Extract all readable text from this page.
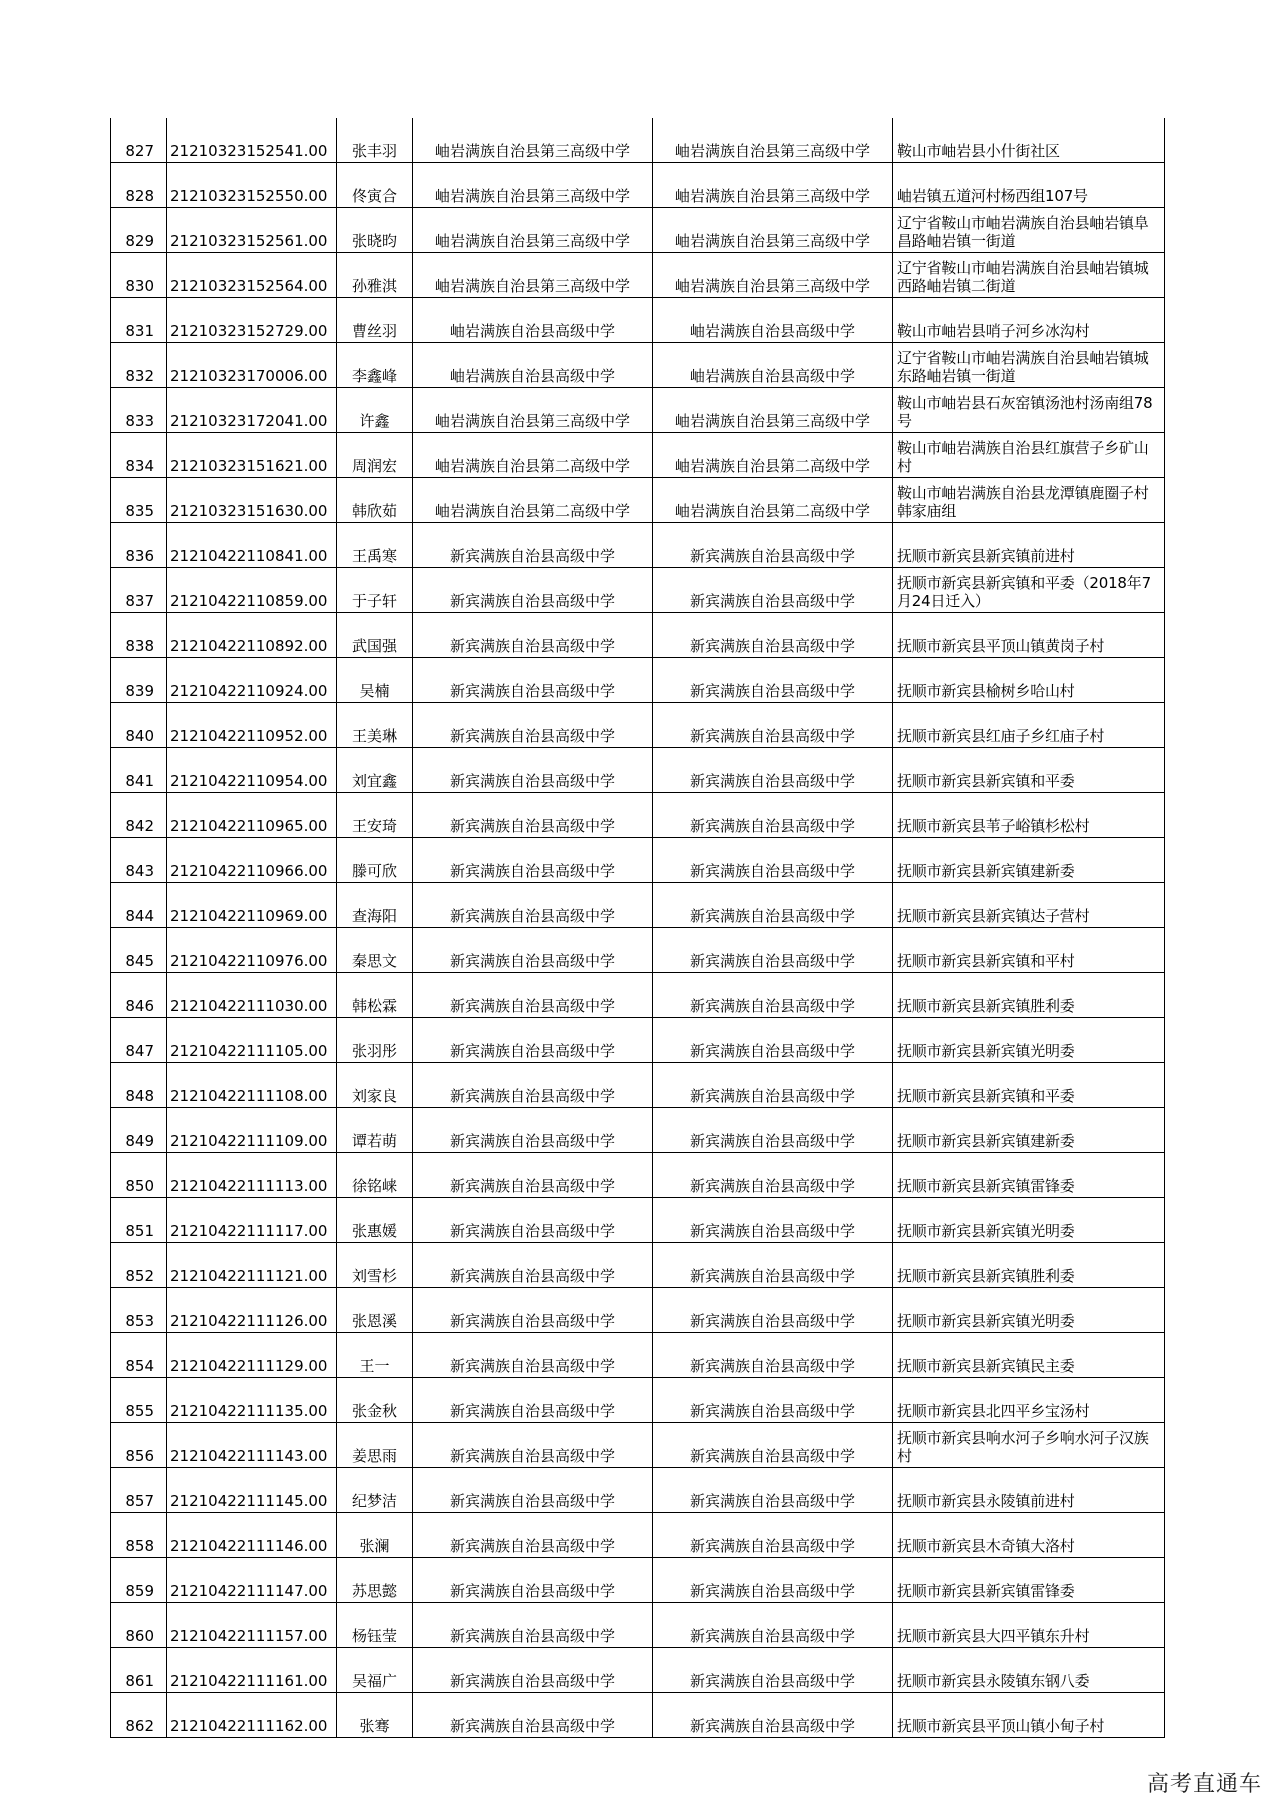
827	21210323152541.00	张丰羽	岫岩满族自治县第三高级中学	岫岩满族自治县第三高级中学	鞍山市岫岩县小什街社区
828	21210323152550.00	佟寅合	岫岩满族自治县第三高级中学	岫岩满族自治县第三高级中学	岫岩镇五道河村杨西组107号
829	21210323152561.00	张晓昀	岫岩满族自治县第三高级中学	岫岩满族自治县第三高级中学	辽宁省鞍山市岫岩满族自治县岫岩镇阜昌路岫岩镇一街道
830	21210323152564.00	孙雅淇	岫岩满族自治县第三高级中学	岫岩满族自治县第三高级中学	辽宁省鞍山市岫岩满族自治县岫岩镇城西路岫岩镇二街道
831	21210323152729.00	曹丝羽	岫岩满族自治县高级中学	岫岩满族自治县高级中学	鞍山市岫岩县哨子河乡冰沟村
832	21210323170006.00	李鑫峰	岫岩满族自治县高级中学	岫岩满族自治县高级中学	辽宁省鞍山市岫岩满族自治县岫岩镇城东路岫岩镇一街道
833	21210323172041.00	许鑫	岫岩满族自治县第三高级中学	岫岩满族自治县第三高级中学	鞍山市岫岩县石灰窑镇汤池村汤南组78号
834	21210323151621.00	周润宏	岫岩满族自治县第二高级中学	岫岩满族自治县第二高级中学	鞍山市岫岩满族自治县红旗营子乡矿山村
835	21210323151630.00	韩欣茹	岫岩满族自治县第二高级中学	岫岩满族自治县第二高级中学	鞍山市岫岩满族自治县龙潭镇鹿圈子村韩家庙组
836	21210422110841.00	王禹寒	新宾满族自治县高级中学	新宾满族自治县高级中学	抚顺市新宾县新宾镇前进村
837	21210422110859.00	于子轩	新宾满族自治县高级中学	新宾满族自治县高级中学	抚顺市新宾县新宾镇和平委（2018年7月24日迁入）
838	21210422110892.00	武国强	新宾满族自治县高级中学	新宾满族自治县高级中学	抚顺市新宾县平顶山镇黄岗子村
839	21210422110924.00	吴楠	新宾满族自治县高级中学	新宾满族自治县高级中学	抚顺市新宾县榆树乡哈山村
840	21210422110952.00	王美琳	新宾满族自治县高级中学	新宾满族自治县高级中学	抚顺市新宾县红庙子乡红庙子村
841	21210422110954.00	刘宜鑫	新宾满族自治县高级中学	新宾满族自治县高级中学	抚顺市新宾县新宾镇和平委
842	21210422110965.00	王安琦	新宾满族自治县高级中学	新宾满族自治县高级中学	抚顺市新宾县苇子峪镇杉松村
843	21210422110966.00	滕可欣	新宾满族自治县高级中学	新宾满族自治县高级中学	抚顺市新宾县新宾镇建新委
844	21210422110969.00	查海阳	新宾满族自治县高级中学	新宾满族自治县高级中学	抚顺市新宾县新宾镇达子营村
845	21210422110976.00	秦思文	新宾满族自治县高级中学	新宾满族自治县高级中学	抚顺市新宾县新宾镇和平村
846	21210422111030.00	韩松霖	新宾满族自治县高级中学	新宾满族自治县高级中学	抚顺市新宾县新宾镇胜利委
847	21210422111105.00	张羽彤	新宾满族自治县高级中学	新宾满族自治县高级中学	抚顺市新宾县新宾镇光明委
848	21210422111108.00	刘家良	新宾满族自治县高级中学	新宾满族自治县高级中学	抚顺市新宾县新宾镇和平委
849	21210422111109.00	谭若萌	新宾满族自治县高级中学	新宾满族自治县高级中学	抚顺市新宾县新宾镇建新委
850	21210422111113.00	徐铭崃	新宾满族自治县高级中学	新宾满族自治县高级中学	抚顺市新宾县新宾镇雷锋委
851	21210422111117.00	张惠媛	新宾满族自治县高级中学	新宾满族自治县高级中学	抚顺市新宾县新宾镇光明委
852	21210422111121.00	刘雪杉	新宾满族自治县高级中学	新宾满族自治县高级中学	抚顺市新宾县新宾镇胜利委
853	21210422111126.00	张恩溪	新宾满族自治县高级中学	新宾满族自治县高级中学	抚顺市新宾县新宾镇光明委
854	21210422111129.00	王一	新宾满族自治县高级中学	新宾满族自治县高级中学	抚顺市新宾县新宾镇民主委
855	21210422111135.00	张金秋	新宾满族自治县高级中学	新宾满族自治县高级中学	抚顺市新宾县北四平乡宝汤村
856	21210422111143.00	姜思雨	新宾满族自治县高级中学	新宾满族自治县高级中学	抚顺市新宾县响水河子乡响水河子汉族村
857	21210422111145.00	纪梦洁	新宾满族自治县高级中学	新宾满族自治县高级中学	抚顺市新宾县永陵镇前进村
858	21210422111146.00	张澜	新宾满族自治县高级中学	新宾满族自治县高级中学	抚顺市新宾县木奇镇大洛村
859	21210422111147.00	苏思懿	新宾满族自治县高级中学	新宾满族自治县高级中学	抚顺市新宾县新宾镇雷锋委
860	21210422111157.00	杨钰莹	新宾满族自治县高级中学	新宾满族自治县高级中学	抚顺市新宾县大四平镇东升村
861	21210422111161.00	吴福广	新宾满族自治县高级中学	新宾满族自治县高级中学	抚顺市新宾县永陵镇东钢八委
862	21210422111162.00	张骞	新宾满族自治县高级中学	新宾满族自治县高级中学	抚顺市新宾县平顶山镇小甸子村
高考直通车
